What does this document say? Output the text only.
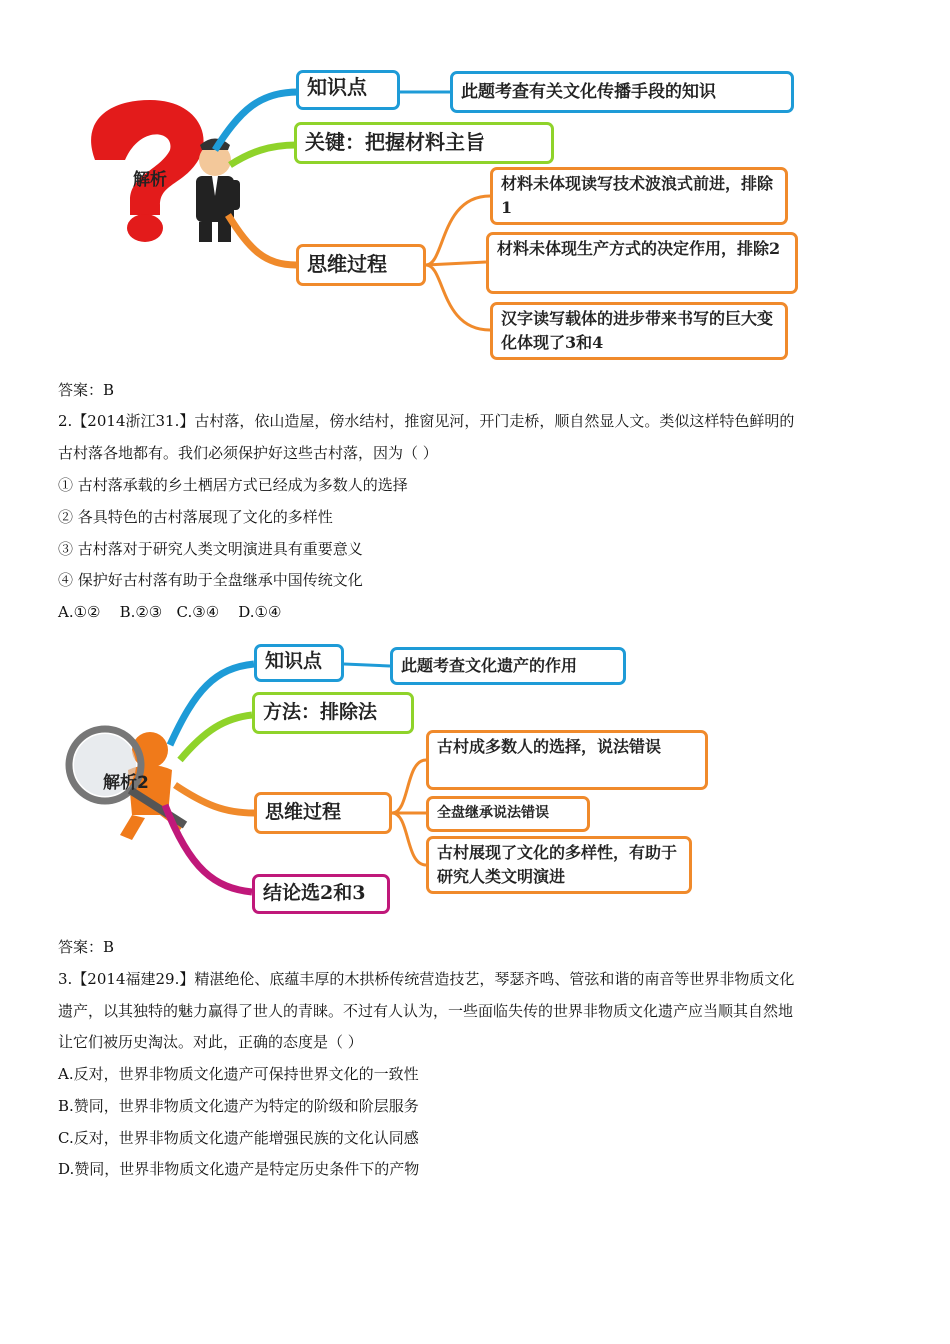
解析
知识点	此题考查有关文化传播手段的知识
关键：把握材料主旨
思维过程
材料未体现读写技术波浪式前进，排除1
材料未体现生产方式的决定作用，排除2
汉字读写载体的进步带来书写的巨大变化体现了3和4
答案：B
2.【2014浙江31.】古村落，依山造屋，傍水结村，推窗见河，开门走桥，顺自然显人文。类似这样特色鲜明的
古村落各地都有。我们必须保护好这些古村落，因为（ ）
① 古村落承载的乡土栖居方式已经成为多数人的选择
② 各具特色的古村落展现了文化的多样性
③ 古村落对于研究人类文明演进具有重要意义
④ 保护好古村落有助于全盘继承中国传统文化
A.①②    B.②③   C.③④    D.①④
解析2
知识点	此题考查文化遗产的作用
方法：排除法
思维过程
古村成多数人的选择，说法错误
全盘继承说法错误
古村展现了文化的多样性，有助于研究人类文明演进
结论选2和3
答案：B
3.【2014福建29.】精湛绝伦、底蕴丰厚的木拱桥传统营造技艺，琴瑟齐鸣、管弦和谐的南音等世界非物质文化
遗产，以其独特的魅力赢得了世人的青睐。不过有人认为，一些面临失传的世界非物质文化遗产应当顺其自然地
让它们被历史淘汰。对此，正确的态度是（ ）
A.反对，世界非物质文化遗产可保持世界文化的一致性
B.赞同，世界非物质文化遗产为特定的阶级和阶层服务
C.反对，世界非物质文化遗产能增强民族的文化认同感
D.赞同，世界非物质文化遗产是特定历史条件下的产物
